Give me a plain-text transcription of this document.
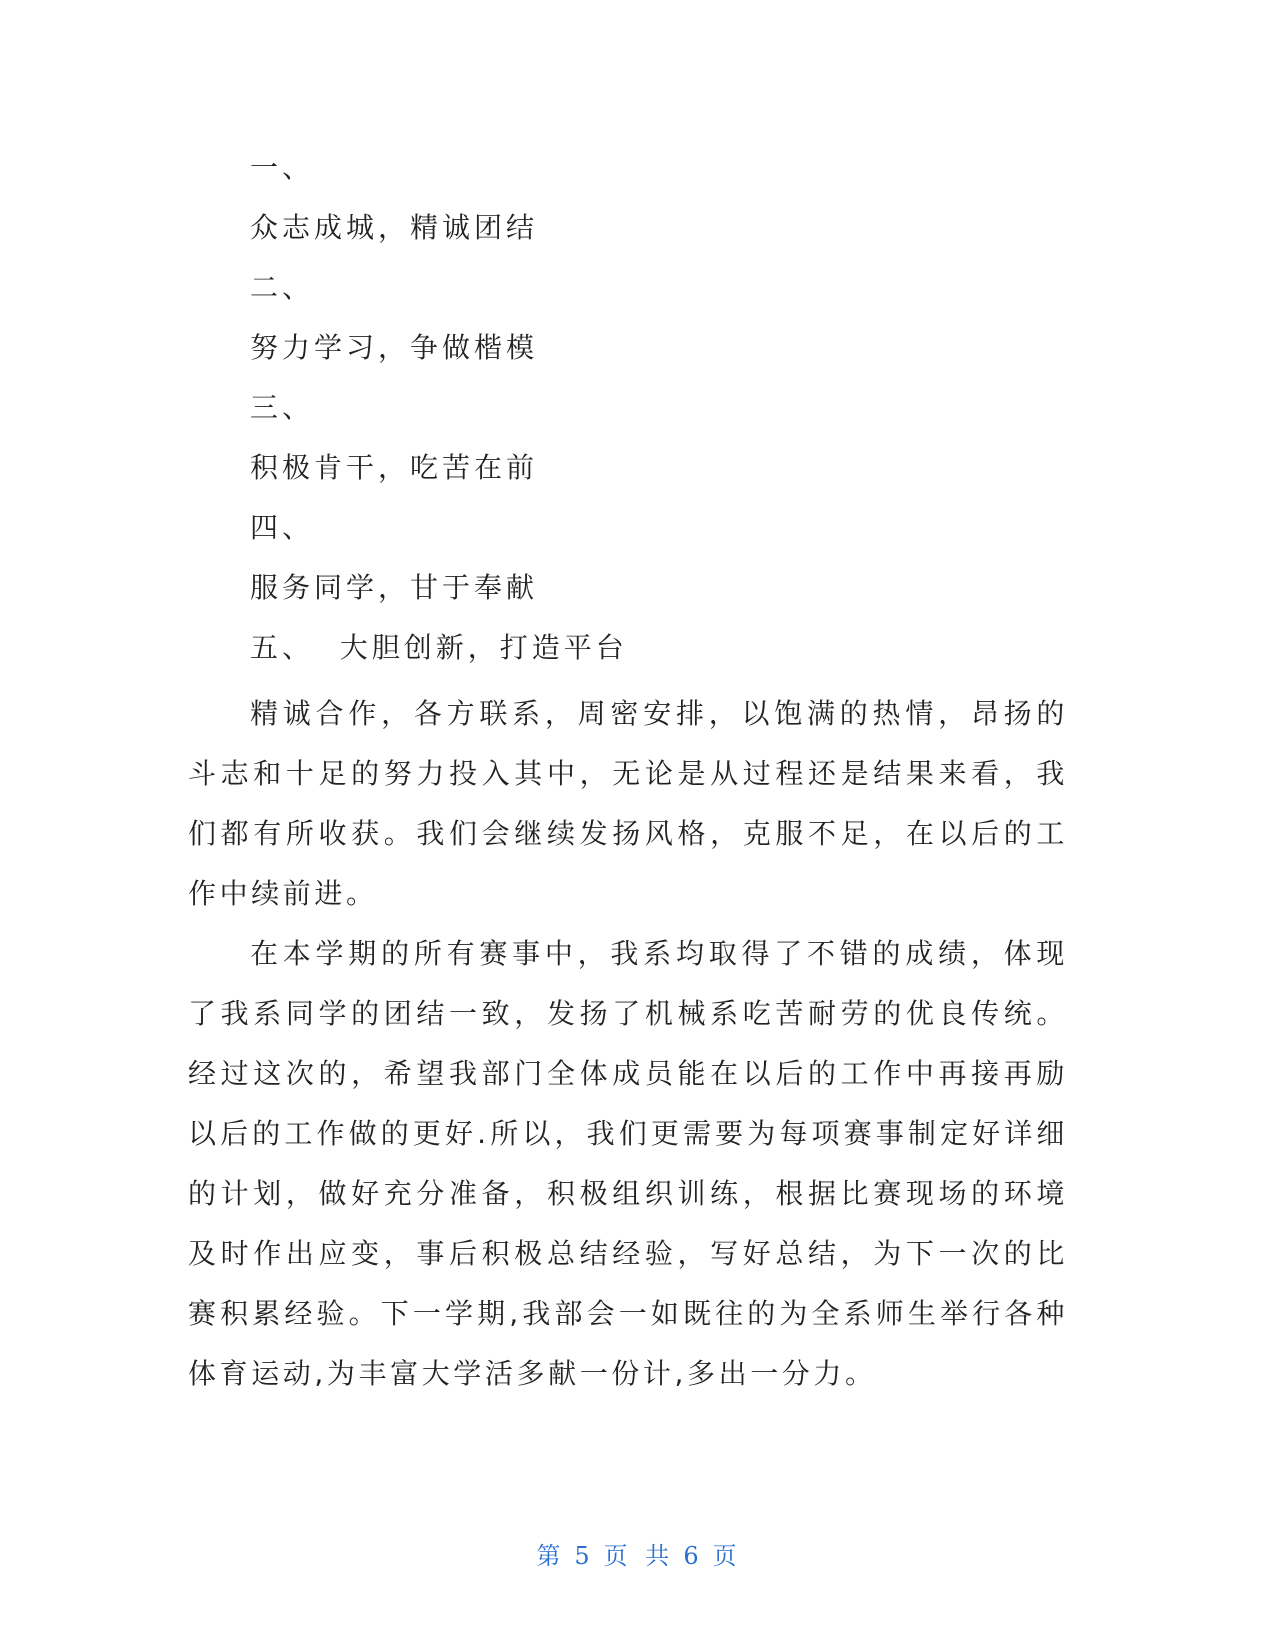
一、
众志成城，精诚团结
二、
努力学习，争做楷模
三、
积极肯干，吃苦在前
四、
服务同学，甘于奉献
五、  大胆创新，打造平台

精诚合作，各方联系，周密安排，以饱满的热情，昂扬的斗志和十足的努力投入其中，无论是从过程还是结果来看，我们都有所收获。我们会继续发扬风格，克服不足，在以后的工作中续前进。

在本学期的所有赛事中，我系均取得了不错的成绩，体现了我系同学的团结一致，发扬了机械系吃苦耐劳的优良传统。经过这次的，希望我部门全体成员能在以后的工作中再接再励以后的工作做的更好.所以，我们更需要为每项赛事制定好详细的计划，做好充分准备，积极组织训练，根据比赛现场的环境及时作出应变，事后积极总结经验，写好总结，为下一次的比赛积累经验。下一学期,我部会一如既往的为全系师生举行各种体育运动,为丰富大学活多献一份计,多出一分力。

第 5 页 共 6 页
